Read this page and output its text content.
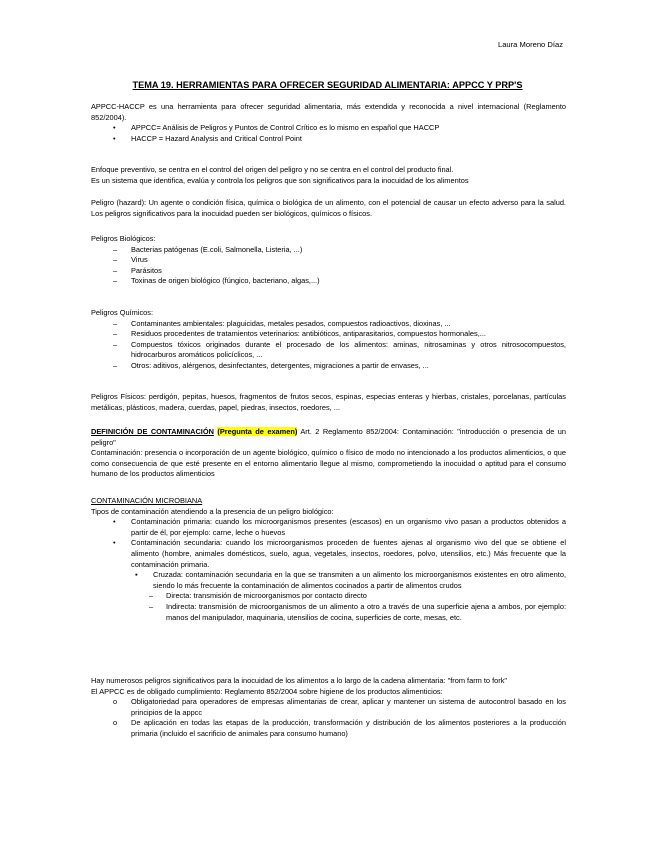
Laura Moreno Díaz
TEMA 19. HERRAMIENTAS PARA OFRECER SEGURIDAD ALIMENTARIA: APPCC Y PRP'S

APPCC-HACCP es una herramienta para ofrecer seguridad alimentaria, más extendida y reconocida a nivel internacional (Reglamento 852/2004).

• APPCC= Análisis de Peligros y Puntos de Control Crítico es lo mismo en español que HACCP
• HACCP = Hazard Analysis and Critical Control Point

Enfoque preventivo, se centra en el control del origen del peligro y no se centra en el control del producto final.

Es un sistema que identifica, evalúa y controla los peligros que son significativos para la inocuidad de los alimentos

Peligro (hazard): Un agente o condición física, química o biológica de un alimento, con el potencial de causar un efecto adverso para la salud. Los peligros significativos para la inocuidad pueden ser biológicos, químicos o físicos.

Peligros Biológicos:

– Bacterias patógenas (E.coli, Salmonella, Listeria, ...)
– Virus
– Parásitos
– Toxinas de origen biológico (fúngico, bacteriano, algas,...)

Peligros Químicos:

– Contaminantes ambientales: plaguicidas, metales pesados, compuestos radioactivos, dioxinas, ...
– Residuos procedentes de tratamientos veterinarios: antibióticos, antiparasitarios, compuestos hormonales,...
– Compuestos tóxicos originados durante el procesado de los alimentos: aminas, nitrosaminas y otros nitrosocompuestos, hidrocarburos aromáticos policíclicos, ...
– Otros: aditivos, alérgenos, desinfectantes, detergentes, migraciones a partir de envases, ...

Peligros Físicos: perdigón, pepitas, huesos, fragmentos de frutos secos, espinas, especias enteras y hierbas, cristales, porcelanas, partículas metálicas, plásticos, madera, cuerdas, papel, piedras, insectos, roedores, ...

DEFINICIÓN DE CONTAMINACIÓN (Pregunta de examen) Art. 2 Reglamento 852/2004: Contaminación: "introducción o presencia de un peligro"

Contaminación: presencia o incorporación de un agente biológico, químico o físico de modo no intencionado a los productos alimenticios, o que como consecuencia de que esté presente en el entorno alimentario llegue al mismo, comprometiendo la inocuidad o aptitud para el consumo humano de los productos alimenticios

CONTAMINACIÓN MICROBIANA

Tipos de contaminación atendiendo a la presencia de un peligro biológico:

• Contaminación primaria: cuando los microorganismos presentes (escasos) en un organismo vivo pasan a productos obtenidos a partir de él, por ejemplo: carne, leche o huevos
• Contaminación secundaria: cuando los microorganismos proceden de fuentes ajenas al organismo vivo del que se obtiene el alimento (hombre, animales domésticos, suelo, agua, vegetales, insectos, roedores, polvo, utensilios, etc.) Más frecuente que la contaminación primaria.
▪ Cruzada: contaminación secundaria en la que se transmiten a un alimento los microorganismos existentes en otro alimento, siendo lo más frecuente la contaminación de alimentos cocinados a partir de alimentos crudos
– Directa: transmisión de microorganismos por contacto directo
– Indirecta: transmisión de microorganismos de un alimento a otro a través de una superficie ajena a ambos, por ejemplo: manos del manipulador, maquinaria, utensilios de cocina, superficies de corte, mesas, etc.

Hay numerosos peligros significativos para la inocuidad de los alimentos a lo largo de la cadena alimentaria: "from farm to fork"

El APPCC es de obligado cumplimiento: Reglamento 852/2004 sobre higiene de los productos alimenticios:

o Obligatoriedad para operadores de empresas alimentarias de crear, aplicar y mantener un sistema de autocontrol basado en los principios de la appcc
o De aplicación en todas las etapas de la producción, transformación y distribución de los alimentos posteriores a la producción primaria (incluido el sacrificio de animales para consumo humano)
